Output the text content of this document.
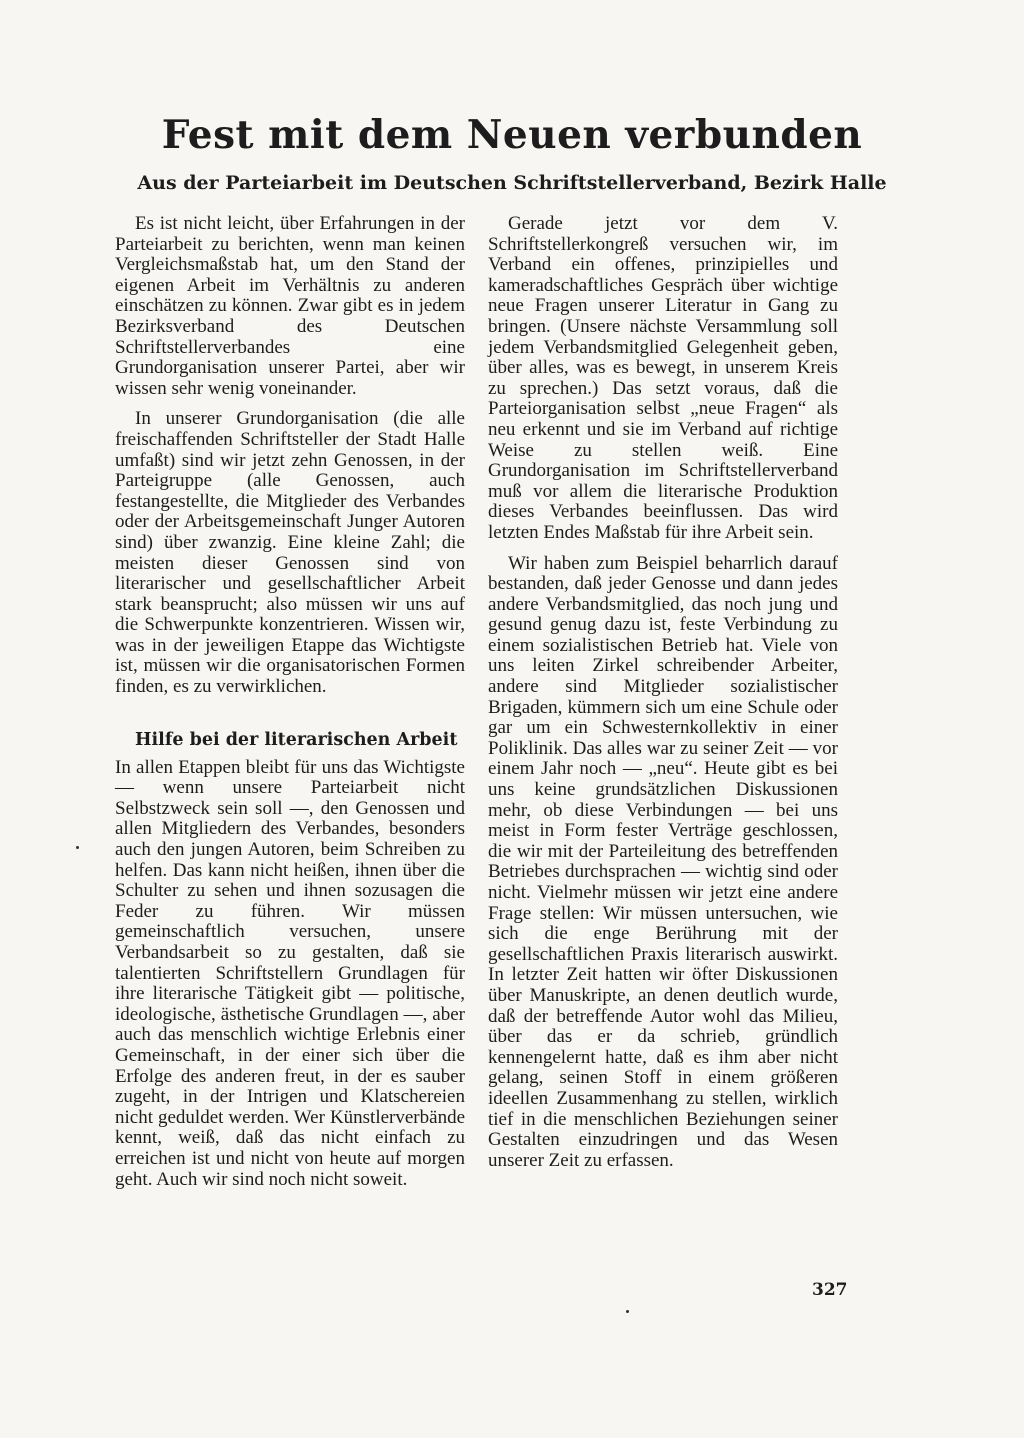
Fest mit dem Neuen verbunden
Aus der Parteiarbeit im Deutschen Schriftstellerverband, Bezirk Halle

Es ist nicht leicht, über Erfahrungen in der Parteiarbeit zu berichten, wenn man keinen Vergleichsmaßstab hat, um den Stand der eigenen Arbeit im Verhältnis zu anderen einschätzen zu können. Zwar gibt es in jedem Bezirksverband des Deutschen Schriftstellerverbandes eine Grundorganisation unserer Partei, aber wir wissen sehr wenig voneinander.

In unserer Grundorganisation (die alle freischaffenden Schriftsteller der Stadt Halle umfaßt) sind wir jetzt zehn Genossen, in der Parteigruppe (alle Genossen, auch festangestellte, die Mitglieder des Verbandes oder der Arbeitsgemeinschaft Junger Autoren sind) über zwanzig. Eine kleine Zahl; die meisten dieser Genossen sind von literarischer und gesellschaftlicher Arbeit stark beansprucht; also müssen wir uns auf die Schwerpunkte konzentrieren. Wissen wir, was in der jeweiligen Etappe das Wichtigste ist, müssen wir die organisatorischen Formen finden, es zu verwirklichen.

Hilfe bei der literarischen Arbeit

In allen Etappen bleibt für uns das Wichtigste — wenn unsere Parteiarbeit nicht Selbstzweck sein soll —, den Genossen und allen Mitgliedern des Verbandes, besonders auch den jungen Autoren, beim Schreiben zu helfen. Das kann nicht heißen, ihnen über die Schulter zu sehen und ihnen sozusagen die Feder zu führen. Wir müssen gemeinschaftlich versuchen, unsere Verbandsarbeit so zu gestalten, daß sie talentierten Schriftstellern Grundlagen für ihre literarische Tätigkeit gibt — politische, ideologische, ästhetische Grundlagen —, aber auch das menschlich wichtige Erlebnis einer Gemeinschaft, in der einer sich über die Erfolge des anderen freut, in der es sauber zugeht, in der Intrigen und Klatschereien nicht geduldet werden. Wer Künstlerverbände kennt, weiß, daß das nicht einfach zu erreichen ist und nicht von heute auf morgen geht. Auch wir sind noch nicht soweit.

Gerade jetzt vor dem V. Schriftstellerkongreß versuchen wir, im Verband ein offenes, prinzipielles und kameradschaftliches Gespräch über wichtige neue Fragen unserer Literatur in Gang zu bringen. (Unsere nächste Versammlung soll jedem Verbandsmitglied Gelegenheit geben, über alles, was es bewegt, in unserem Kreis zu sprechen.) Das setzt voraus, daß die Parteiorganisation selbst „neue Fragen“ als neu erkennt und sie im Verband auf richtige Weise zu stellen weiß. Eine Grundorganisation im Schriftstellerverband muß vor allem die literarische Produktion dieses Verbandes beeinflussen. Das wird letzten Endes Maßstab für ihre Arbeit sein.

Wir haben zum Beispiel beharrlich darauf bestanden, daß jeder Genosse und dann jedes andere Verbandsmitglied, das noch jung und gesund genug dazu ist, feste Verbindung zu einem sozialistischen Betrieb hat. Viele von uns leiten Zirkel schreibender Arbeiter, andere sind Mitglieder sozialistischer Brigaden, kümmern sich um eine Schule oder gar um ein Schwesternkollektiv in einer Poliklinik. Das alles war zu seiner Zeit — vor einem Jahr noch — „neu“. Heute gibt es bei uns keine grundsätzlichen Diskussionen mehr, ob diese Verbindungen — bei uns meist in Form fester Verträge geschlossen, die wir mit der Parteileitung des betreffenden Betriebes durchsprachen — wichtig sind oder nicht. Vielmehr müssen wir jetzt eine andere Frage stellen: Wir müssen untersuchen, wie sich die enge Berührung mit der gesellschaftlichen Praxis literarisch auswirkt. In letzter Zeit hatten wir öfter Diskussionen über Manuskripte, an denen deutlich wurde, daß der betreffende Autor wohl das Milieu, über das er da schrieb, gründlich kennengelernt hatte, daß es ihm aber nicht gelang, seinen Stoff in einem größeren ideellen Zusammenhang zu stellen, wirklich tief in die menschlichen Beziehungen seiner Gestalten einzudringen und das Wesen unserer Zeit zu erfassen.

327
